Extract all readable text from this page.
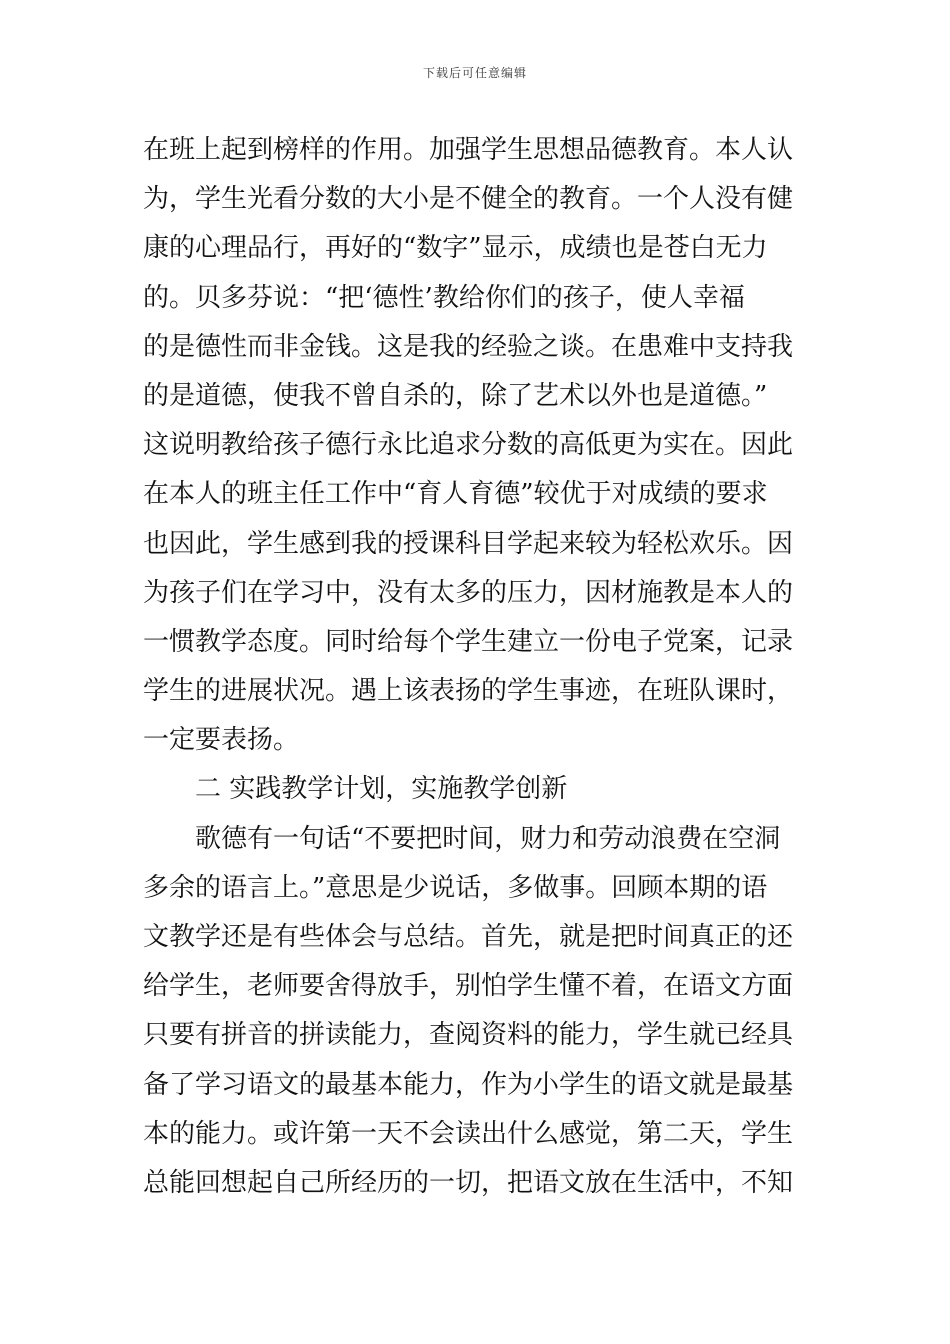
下载后可任意编辑
在班上起到榜样的作用。加强学生思想品德教育。本人认
为，学生光看分数的大小是不健全的教育。一个人没有健
康的心理品行，再好的“数字”显示，成绩也是苍白无力
的。贝多芬说：“把‘德性’教给你们的孩子，使人幸福
的是德性而非金钱。这是我的经验之谈。在患难中支持我
的是道德，使我不曾自杀的，除了艺术以外也是道德。”
这说明教给孩子德行永比追求分数的高低更为实在。因此
在本人的班主任工作中“育人育德”较优于对成绩的要求
也因此，学生感到我的授课科目学起来较为轻松欢乐。因
为孩子们在学习中，没有太多的压力，因材施教是本人的
一惯教学态度。同时给每个学生建立一份电子党案，记录
学生的进展状况。遇上该表扬的学生事迹，在班队课时，
一定要表扬。
二 实践教学计划，实施教学创新
歌德有一句话“不要把时间，财力和劳动浪费在空洞
多余的语言上。”意思是少说话，多做事。回顾本期的语
文教学还是有些体会与总结。首先，就是把时间真正的还
给学生，老师要舍得放手，别怕学生懂不着，在语文方面
只要有拼音的拼读能力，查阅资料的能力，学生就已经具
备了学习语文的最基本能力，作为小学生的语文就是最基
本的能力。或许第一天不会读出什么感觉，第二天，学生
总能回想起自己所经历的一切，把语文放在生活中，不知
